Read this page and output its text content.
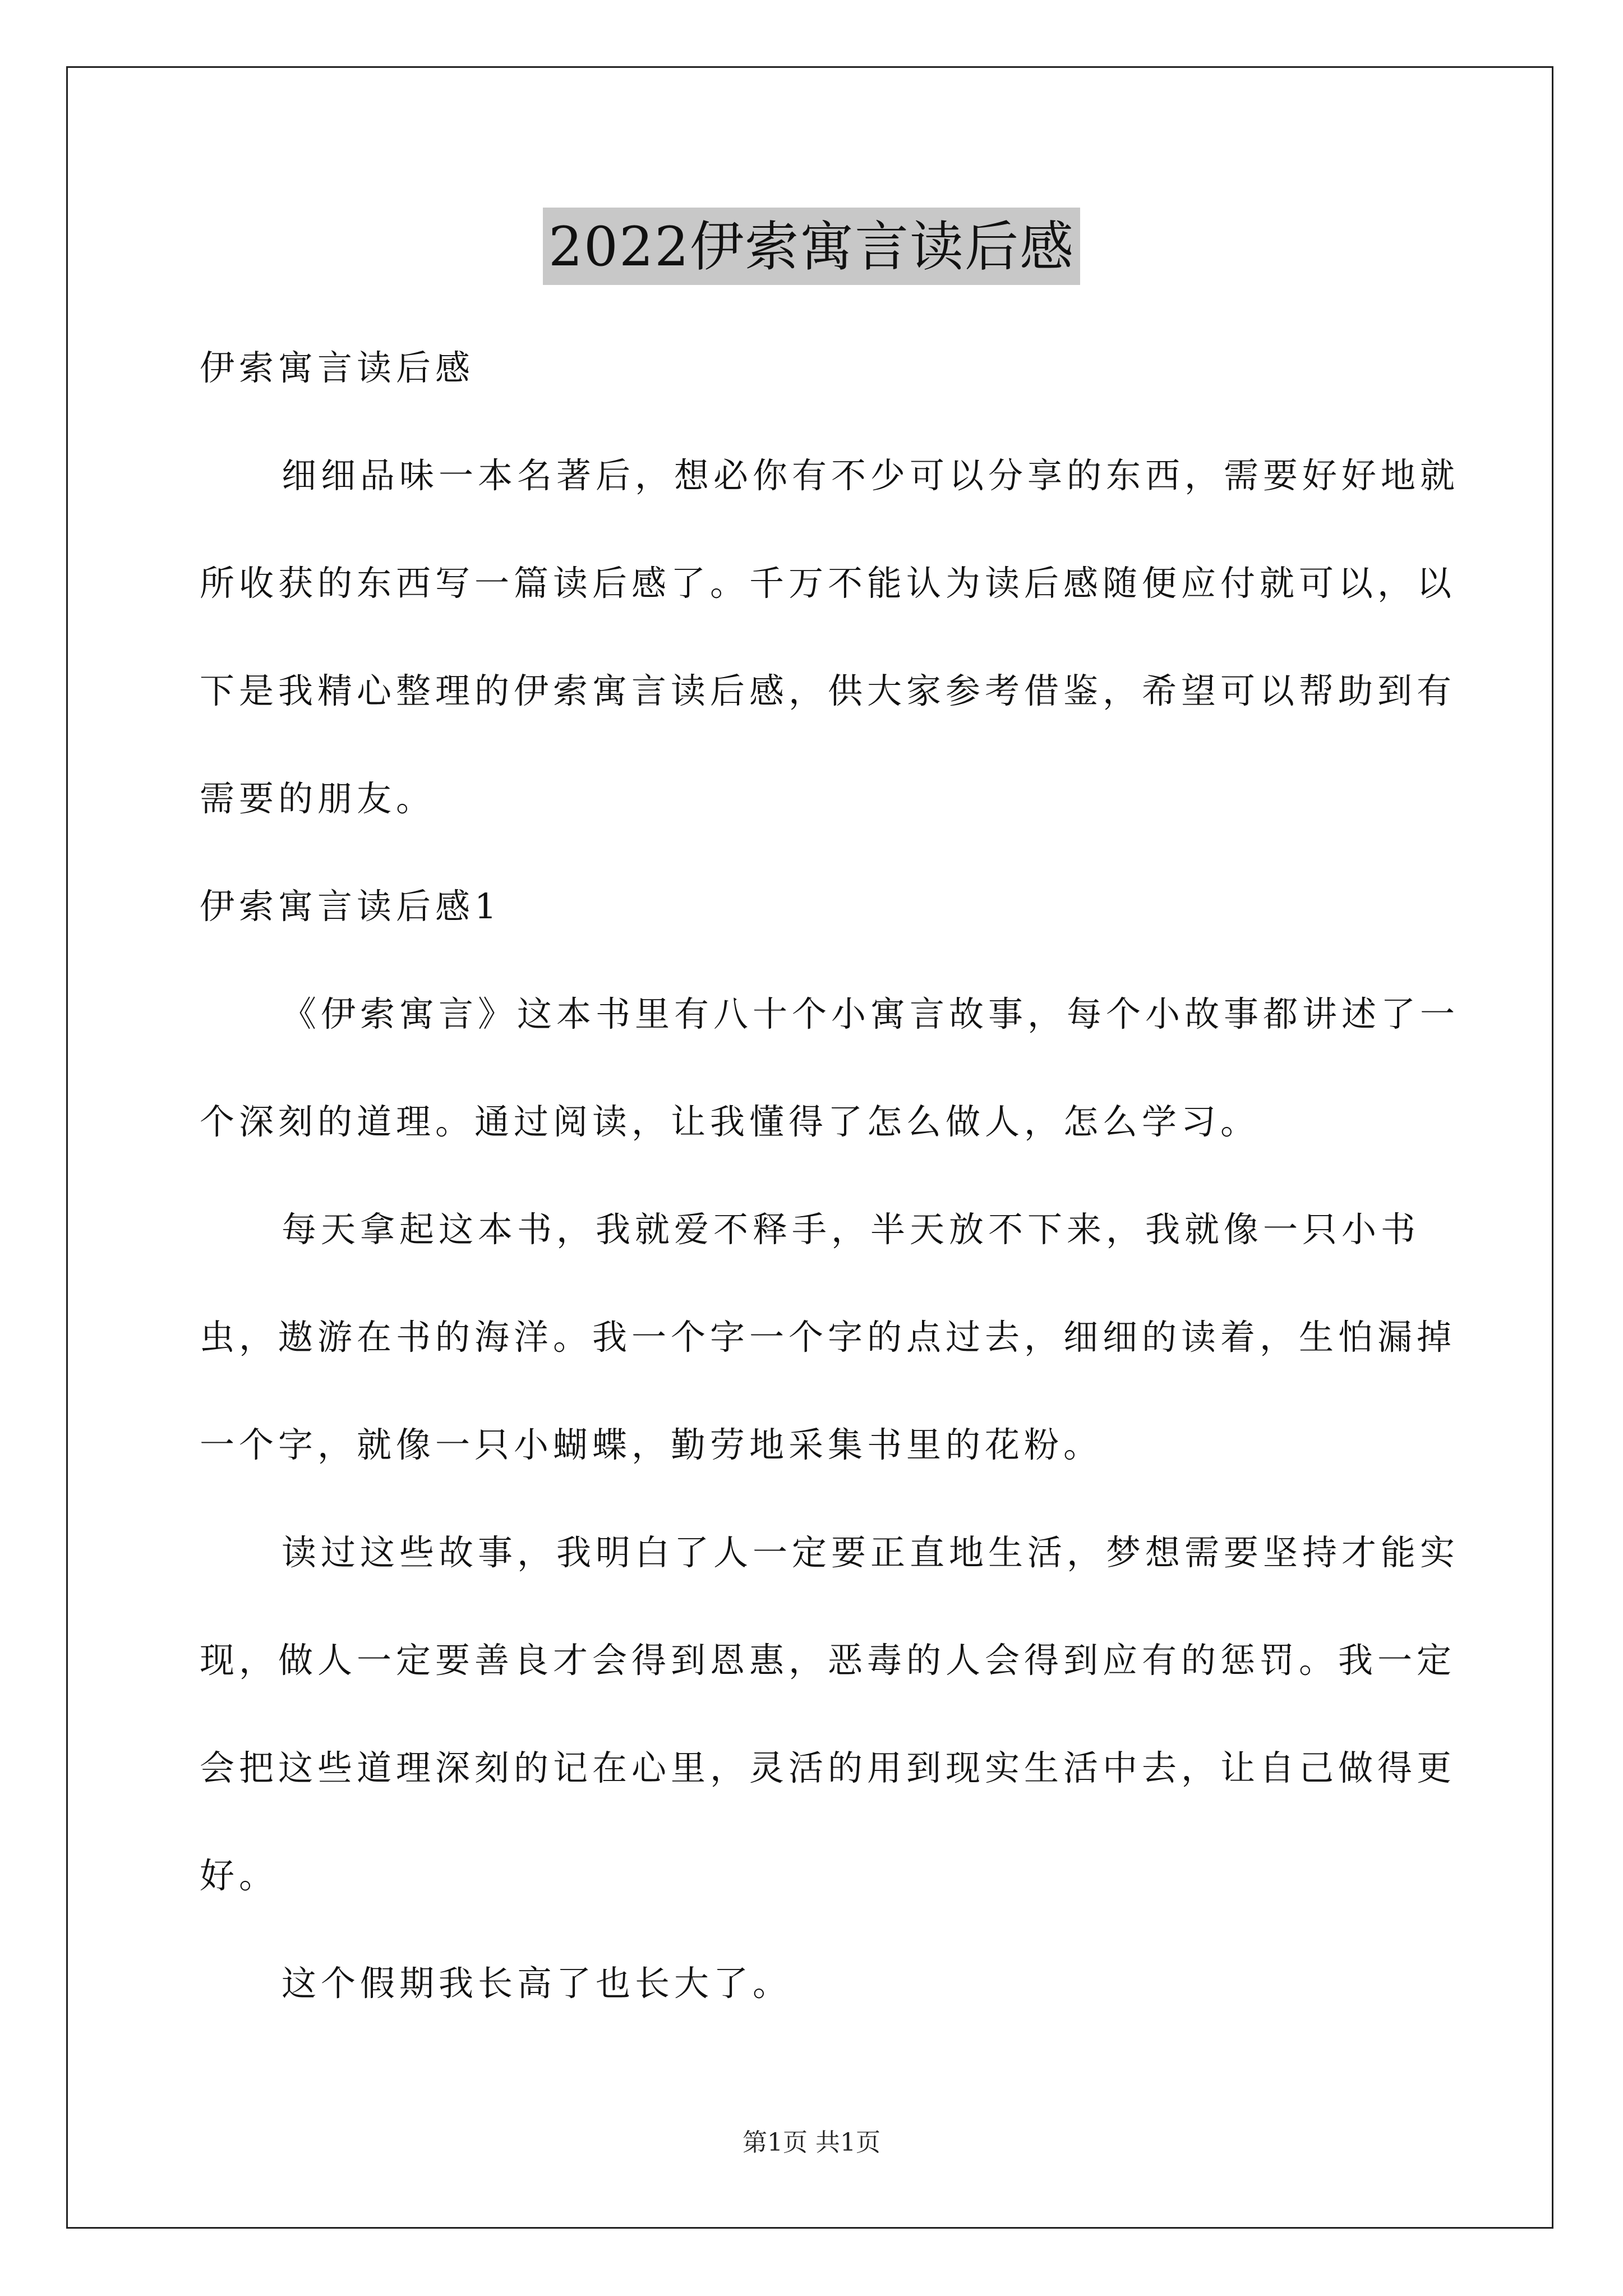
2022伊索寓言读后感

伊索寓言读后感

细细品味一本名著后，想必你有不少可以分享的东西，需要好好地就所收获的东西写一篇读后感了。千万不能认为读后感随便应付就可以，以下是我精心整理的伊索寓言读后感，供大家参考借鉴，希望可以帮助到有需要的朋友。

伊索寓言读后感1

《伊索寓言》这本书里有八十个小寓言故事，每个小故事都讲述了一个深刻的道理。通过阅读，让我懂得了怎么做人，怎么学习。

每天拿起这本书，我就爱不释手，半天放不下来，我就像一只小书虫，遨游在书的海洋。我一个字一个字的点过去，细细的读着，生怕漏掉一个字，就像一只小蝴蝶，勤劳地采集书里的花粉。

读过这些故事，我明白了人一定要正直地生活，梦想需要坚持才能实现，做人一定要善良才会得到恩惠，恶毒的人会得到应有的惩罚。我一定会把这些道理深刻的记在心里，灵活的用到现实生活中去，让自己做得更好。

这个假期我长高了也长大了。

第1页 共1页
